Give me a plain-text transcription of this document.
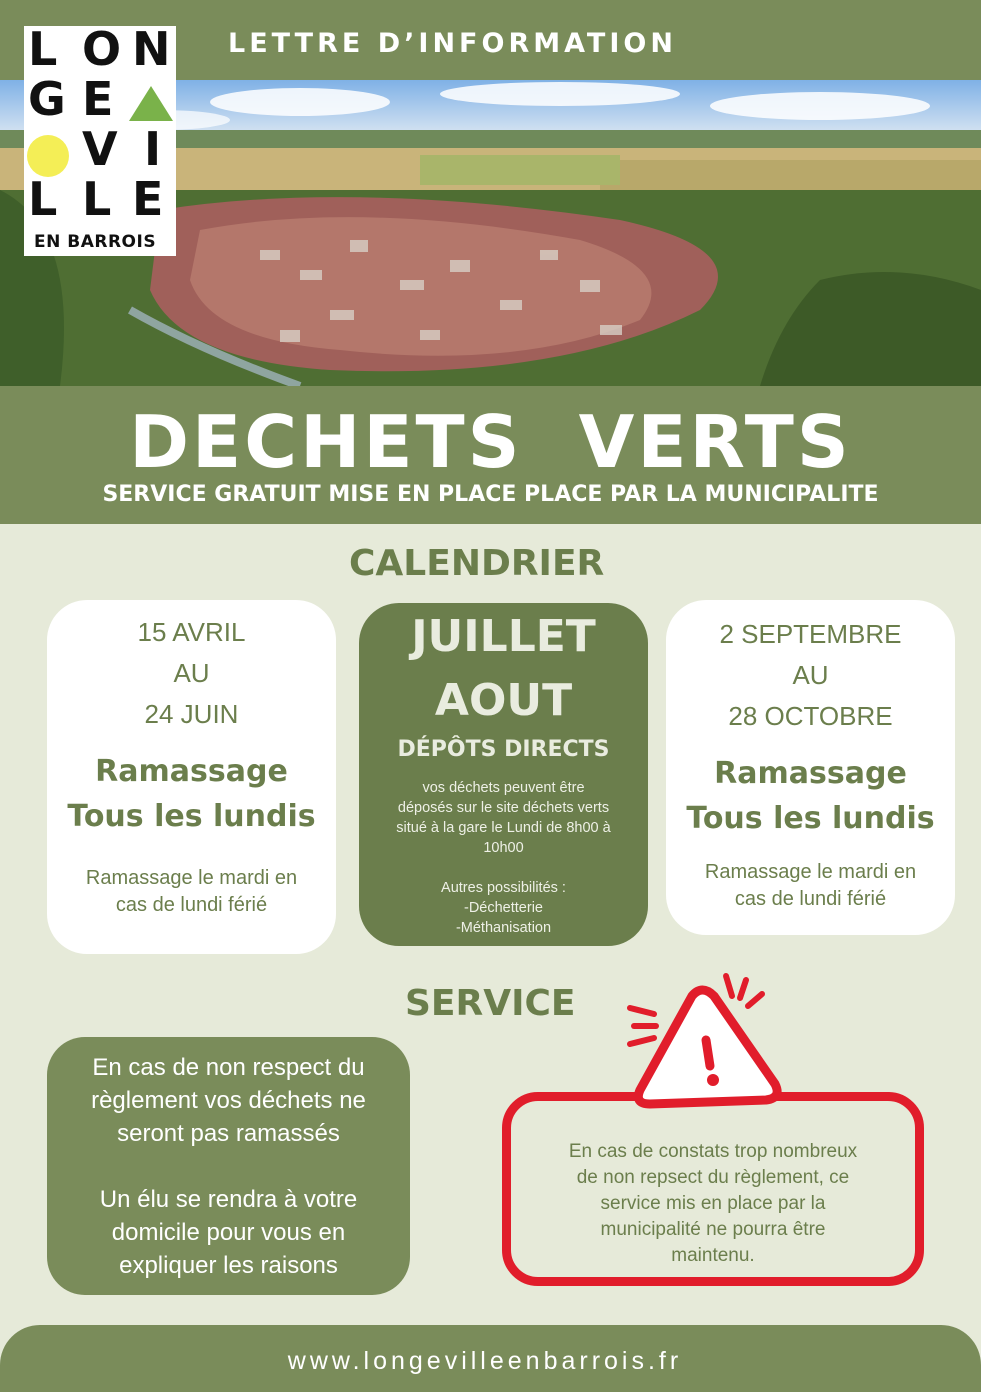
LETTRE D’INFORMATION
L O N
G E
V I
L L E
EN BARROIS
DECHETS  VERTS
SERVICE GRATUIT MISE EN PLACE PLACE PAR LA MUNICIPALITE
CALENDRIER
15 AVRIL
AU
24 JUIN
Ramassage
Tous les lundis
Ramassage le mardi en
cas de lundi férié
JUILLET
AOUT
DÉPÔTS DIRECTS
vos déchets peuvent être
déposés sur le site déchets verts
situé à la gare le Lundi de 8h00 à
10h00
Autres possibilités :
-Déchetterie
-Méthanisation
2 SEPTEMBRE
AU
28 OCTOBRE
Ramassage
Tous les lundis
Ramassage le mardi en
cas de lundi férié
SERVICE
En cas de non respect du
règlement vos déchets ne
seront pas ramassés
Un élu se rendra à votre
domicile pour vous en
expliquer les raisons
En cas de constats trop nombreux
de non repsect du règlement, ce
service mis en place par la
municipalité ne pourra être
maintenu.
www.longevilleenbarrois.fr
